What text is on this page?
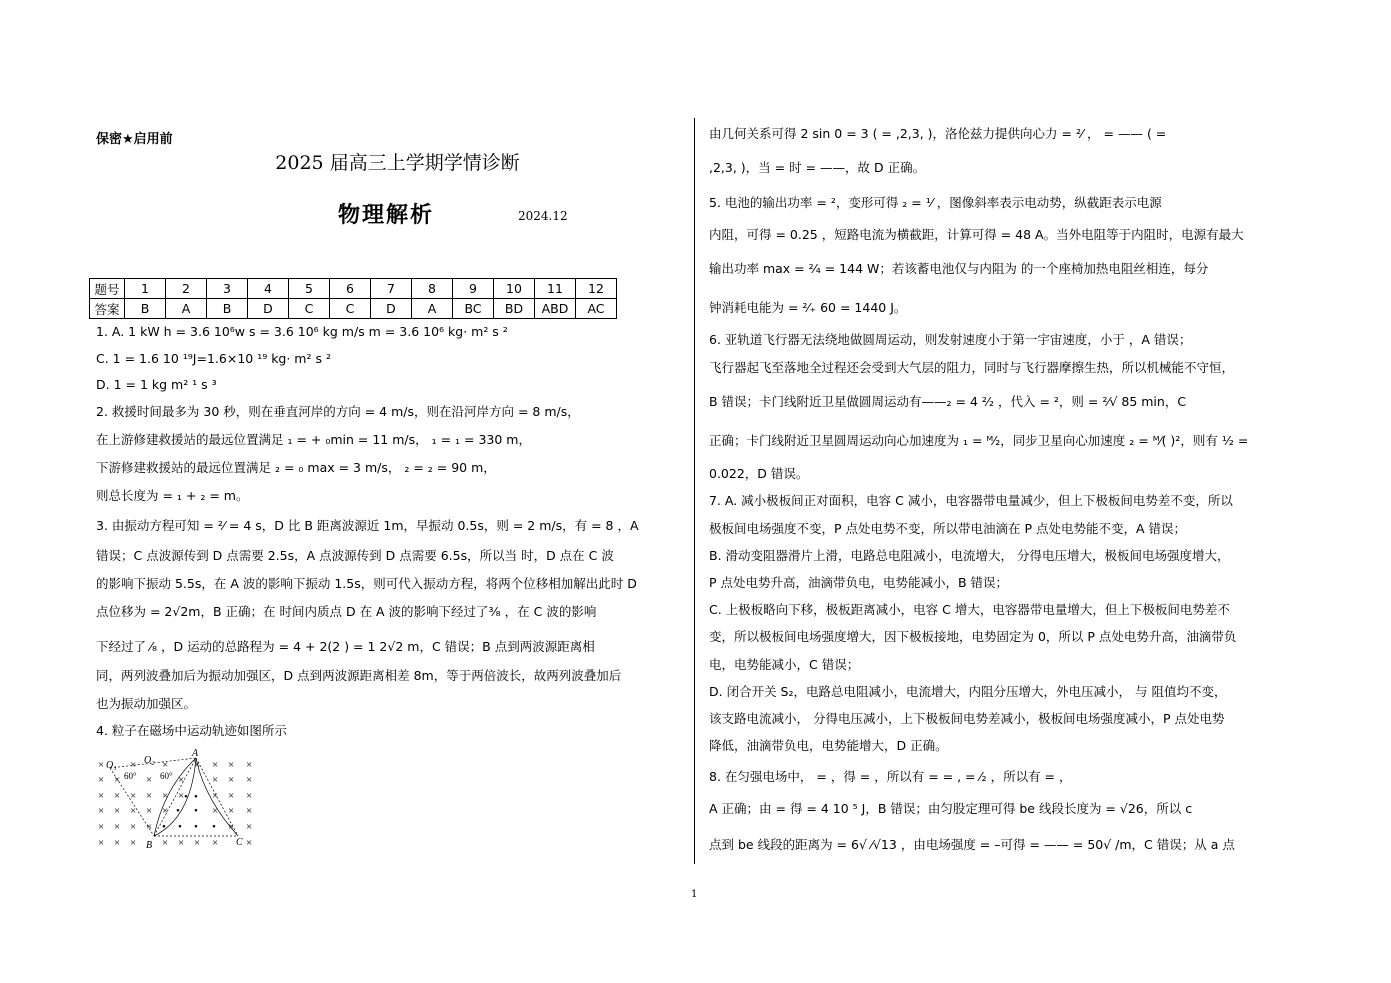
保密★启用前
2025 届高三上学期学情诊断
物理解析	2024.12
题号	1	2	3	4	5	6	7	8	9	10	11	12
答案	B	A	B	D	C	C	D	A	BC	BD	ABD	AC
1. A. 1 kW h = 3.6 10⁶w s = 3.6 10⁶ kg m/s m = 3.6 10⁶ kg· m² s ²
C. 1 = 1.6 10 ¹⁹J=1.6×10 ¹⁹ kg· m² s ²
D. 1 = 1 kg m² ¹ s ³
2. 救援时间最多为 30 秒，则在垂直河岸的方向 = 4 m/s，则在沿河岸方向 = 8 m/s，
在上游修建救援站的最远位置满足 ₁ = + ₀min = 11 m/s， ₁ = ₁ = 330 m，
下游修建救援站的最远位置满足 ₂ = ₀ max = 3 m/s， ₂ = ₂ = 90 m，
则总长度为 = ₁ + ₂ = m。
3. 由振动方程可知 = ²⁄ = 4 s，D 比 B 距离波源近 1m，早振动 0.5s，则 = 2 m/s，有 = 8 ，A
错误；C 点波源传到 D 点需要 2.5s，A 点波源传到 D 点需要 6.5s，所以当 时，D 点在 C 波
的影响下振动 5.5s，在 A 波的影响下振动 1.5s，则可代入振动方程，将两个位移相加解出此时 D
点位移为 = 2√2m，B 正确；在 时间内质点 D 在 A 波的影响下经过了³⁄₈ ，在 C 波的影响
下经过了 ⁄₈ ，D 运动的总路程为 = 4 + 2(2 ) = 1 2√2 m，C 错误；B 点到两波源距离相
同，两列波叠加后为振动加强区，D 点到两波源距离相差 8m，等于两倍波长，故两列波叠加后
也为振动加强区。
4. 粒子在磁场中运动轨迹如图所示
× × × × × × ×
× × × ×	× × ×
× × × × × ×	× × ×
× × × × ×	× × ×
× × × ×	× ×
× × × × × × ×	×
• •
• •
• • • •
O₁	O₂
A
B	C
60°	60°
由几何关系可得 2 sin 0 = 3 ( = ,2,3, )，洛伦兹力提供向心力 = ²⁄ ， = —— ( =
,2,3, )，当 = 时 = ——，故 D 正确。
5. 电池的输出功率 = ²，变形可得 ₂ = ¹⁄ ，图像斜率表示电动势，纵截距表示电源
内阻，可得 = 0.25 ，短路电流为横截距，计算可得 = 48 A。当外电阻等于内阻时，电源有最大
输出功率 max = ²⁄₄ = 144 W；若该蓄电池仅与内阻为 的一个座椅加热电阻丝相连，每分
钟消耗电能为 = ²⁄₊ 60 = 1440 J。
6. 亚轨道飞行器无法绕地做圆周运动，则发射速度小于第一宇宙速度，小于 ，A 错误；
飞行器起飞至落地全过程还会受到大气层的阻力，同时与飞行器摩擦生热，所以机械能不守恒，
B 错误；卡门线附近卫星做圆周运动有——₂ = 4 ²⁄₂ ，代入 = ²，则 = ²⁄√ 85 min，C
正确；卡门线附近卫星圆周运动向心加速度为 ₁ = ᴹ⁄₂，同步卫星向心加速度 ₂ = ᴹ⁄( )²，则有 ¹⁄₂ =
0.022，D 错误。
7. A. 减小极板间正对面积，电容 C 减小，电容器带电量减少，但上下极板间电势差不变，所以
极板间电场强度不变，P 点处电势不变，所以带电油滴在 P 点处电势能不变，A 错误；
B. 滑动变阻器滑片上滑，电路总电阻减小，电流增大， 分得电压增大，极板间电场强度增大，
P 点处电势升高，油滴带负电，电势能减小，B 错误；
C. 上极板略向下移，极板距离减小，电容 C 增大，电容器带电量增大，但上下极板间电势差不
变，所以极板间电场强度增大，因下极板接地，电势固定为 0，所以 P 点处电势升高，油滴带负
电，电势能减小，C 错误；
D. 闭合开关 S₂，电路总电阻减小，电流增大，内阻分压增大，外电压减小， 与 阻值均不变，
该支路电流减小， 分得电压减小，上下极板间电势差减小，极板间电场强度减小，P 点处电势
降低，油滴带负电，电势能增大，D 正确。
8. 在匀强电场中， = ，得 = ，所以有 = = , = ⁄₂ ，所以有 = ，
A 正确；由 = 得 = 4 10 ⁵ J，B 错误；由匀股定理可得 be 线段长度为 = √26，所以 c
点到 be 线段的距离为 = 6√ ⁄√13 ，由电场强度 = –可得 = —— = 50√ /m，C 错误；从 a 点
1
